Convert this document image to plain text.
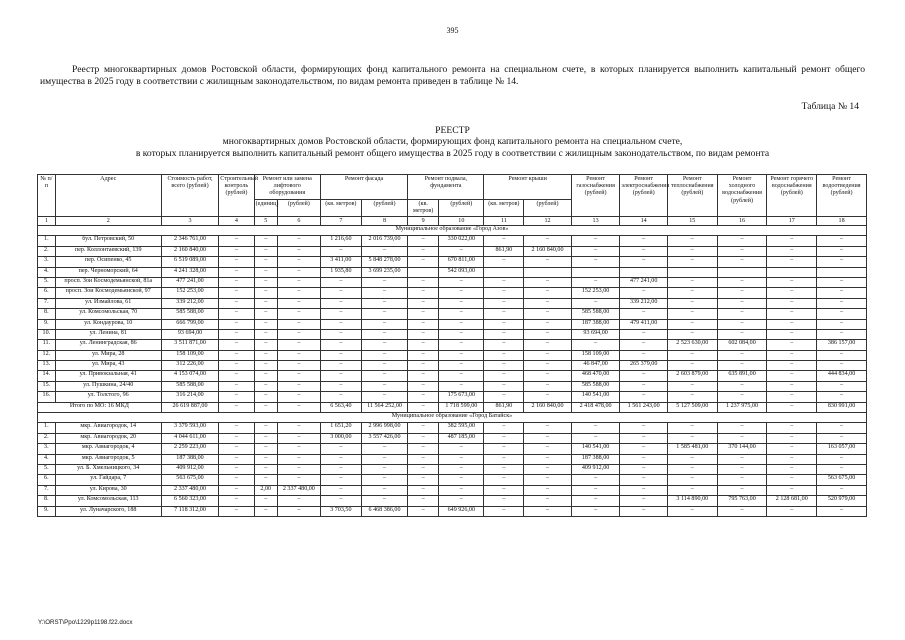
395
Реестр многоквартирных домов Ростовской области, формирующих фонд капитального ремонта на специальном счете, в которых планируется выполнить капитальный ремонт общего имущества в 2025 году в соответствии с жилищным законодательством, по видам ремонта приведен в таблице № 14.
Таблица № 14
РЕЕСТР
многоквартирных домов Ростовской области, формирующих фонд капитального ремонта на специальном счете,
в которых планируется выполнить капитальный ремонт общего имущества в 2025 году в соответствии с жилищным законодательством, по видам ремонта
№ п/п	Адрес	Стоимость работ, всего (рублей)	Строительный контроль (рублей)	Ремонт или замена лифтового оборудования		Ремонт фасада		Ремонт подвала, фундамента		Ремонт крыши		Ремонт газоснабжения (рублей)	Ремонт электроснабжения (рублей)	Ремонт теплоснабжения (рублей)	Ремонт холодного водоснабжения (рублей)	Ремонт горячего водоснабжения (рублей)	Ремонт водоотведения (рублей)
				(единиц)	(рублей)	(кв. метров)	(рублей)	(кв. метров)	(рублей)	(кв. метров)	(рублей)						
1	2	3	4	5	6	7	8	9	10	11	12	13	14	15	16	17	18
Муниципальное образование «Город Азов»																	
1.	бул. Петровский, 50	2 346 761,00	–	–	–	1 216,60	2 016 739,00	–	330 022,00	–	–	–	–	–	–	–	–
2.	пер. Коллонтаевский, 139	2 160 840,00	–	–	–	–	–	–	–	861,90	2 160 840,00	–	–	–	–	–	–
3.	пер. Осипенко, 45	6 519 089,00	–	–	–	3 411,00	5 848 278,00	–	670 811,00	–	–	–	–	–	–	–	–
4.	пер. Черноморский, 64	4 241 328,00	–	–	–	1 935,80	3 699 235,00		542 093,00								
5.	просп. Зои Космодемьянской, 81а	477 241,00	–	–	–	–	–	–	–	–	–	–	477 241,00	–	–	–	–
6.	просп. Зои Космодемьянской, 97	152 253,00	–	–	–	–	–	–	–	–	–	152 253,00	–	–	–	–	–
7.	ул. Измайлова, 61	339 212,00	–	–	–	–	–	–	–	–	–	–	339 212,00	–	–	–	–
8.	ул. Комсомольская, 70	585 588,00	–	–	–	–	–	–	–	–	–	585 588,00	–	–	–	–	–
9.	ул. Кондаурова, 10	666 799,00	–	–	–	–	–	–	–	–	–	187 388,00	479 411,00	–	–	–	–
10.	ул. Ленина, 81	93 694,00	–	–	–	–	–	–	–	–	–	93 694,00	–	–	–	–	–
11.	ул. Ленинградская, 86	3 511 871,00	–	–	–	–	–	–	–	–	–	–	–	2 523 630,00	602 084,00	–	386 157,00
12.	ул. Мира, 28	158 109,00	–	–	–	–	–	–	–	–	–	158 109,00	–	–	–	–	–
13.	ул. Мира, 43	312 226,00	–	–	–	–	–	–	–	–	–	46 847,00	265 379,00	–	–	–	–
14.	ул. Привокзальная, 41	4 153 074,00	–	–	–	–	–	–	–	–	–	468 470,00	–	2 603 879,00	635 891,00	–	444 834,00
15.	ул. Пушкина, 24/40	585 588,00	–	–	–	–	–	–	–	–	–	585 588,00	–	–	–	–	–
16.	ул. Толстого, 96	316 214,00	–	–	–	–	–	–	175 673,00	–	–	140 541,00	–	–	–	–	–
Итого по МО: 16 МКД		26 619 887,00	–	–	–	6 563,40	11 564 252,00	–	1 718 599,00	861,90	2 160 840,00	2 418 478,00	1 561 243,00	5 127 509,00	1 237 975,00	–	830 991,00
Муниципальное образование «Город Батайск»																	
1.	мкр. Авиагородок, 14	3 379 593,00	–	–	–	1 651,20	2 996 998,00	–	382 595,00	–	–	–	–	–	–	–	–
2.	мкр. Авиагородок, 20	4 044 611,00	–	–	–	3 000,00	3 557 426,00	–	487 185,00	–	–	–	–	–	–	–	–
3.	мкр. Авиагородок, 4	2 259 223,00	–	–	–	–	–	–	–	–	–	140 541,00	–	1 585 481,00	370 144,00	–	163 057,00
4.	мкр. Авиагородок, 5	187 388,00	–	–	–	–	–	–	–	–	–	187 388,00	–	–	–	–	–
5.	ул. Б. Хмельницкого, 34	409 912,00	–	–	–	–	–	–	–	–	–	409 912,00	–	–	–	–	–
6.	ул. Гайдара, 7	563 675,00	–	–	–	–	–	–	–	–	–	–	–	–	–	–	563 675,00
7.	ул. Кирова, 30	2 337 480,00	–	2,00	2 337 480,00	–	–	–	–	–	–	–	–	–	–	–	–
8.	ул. Комсомольская, 113	6 560 323,00	–	–	–	–	–	–	–	–	–	–	–	3 114 890,00	795 763,00	2 128 681,00	520 979,00
9.	ул. Луначарского, 188	7 118 312,00	–	–	–	3 703,50	6 468 386,00	–	649 926,00	–	–	–	–	–	–	–	–
Y:\ORST\Ppo\1229p1198.f22.docx
